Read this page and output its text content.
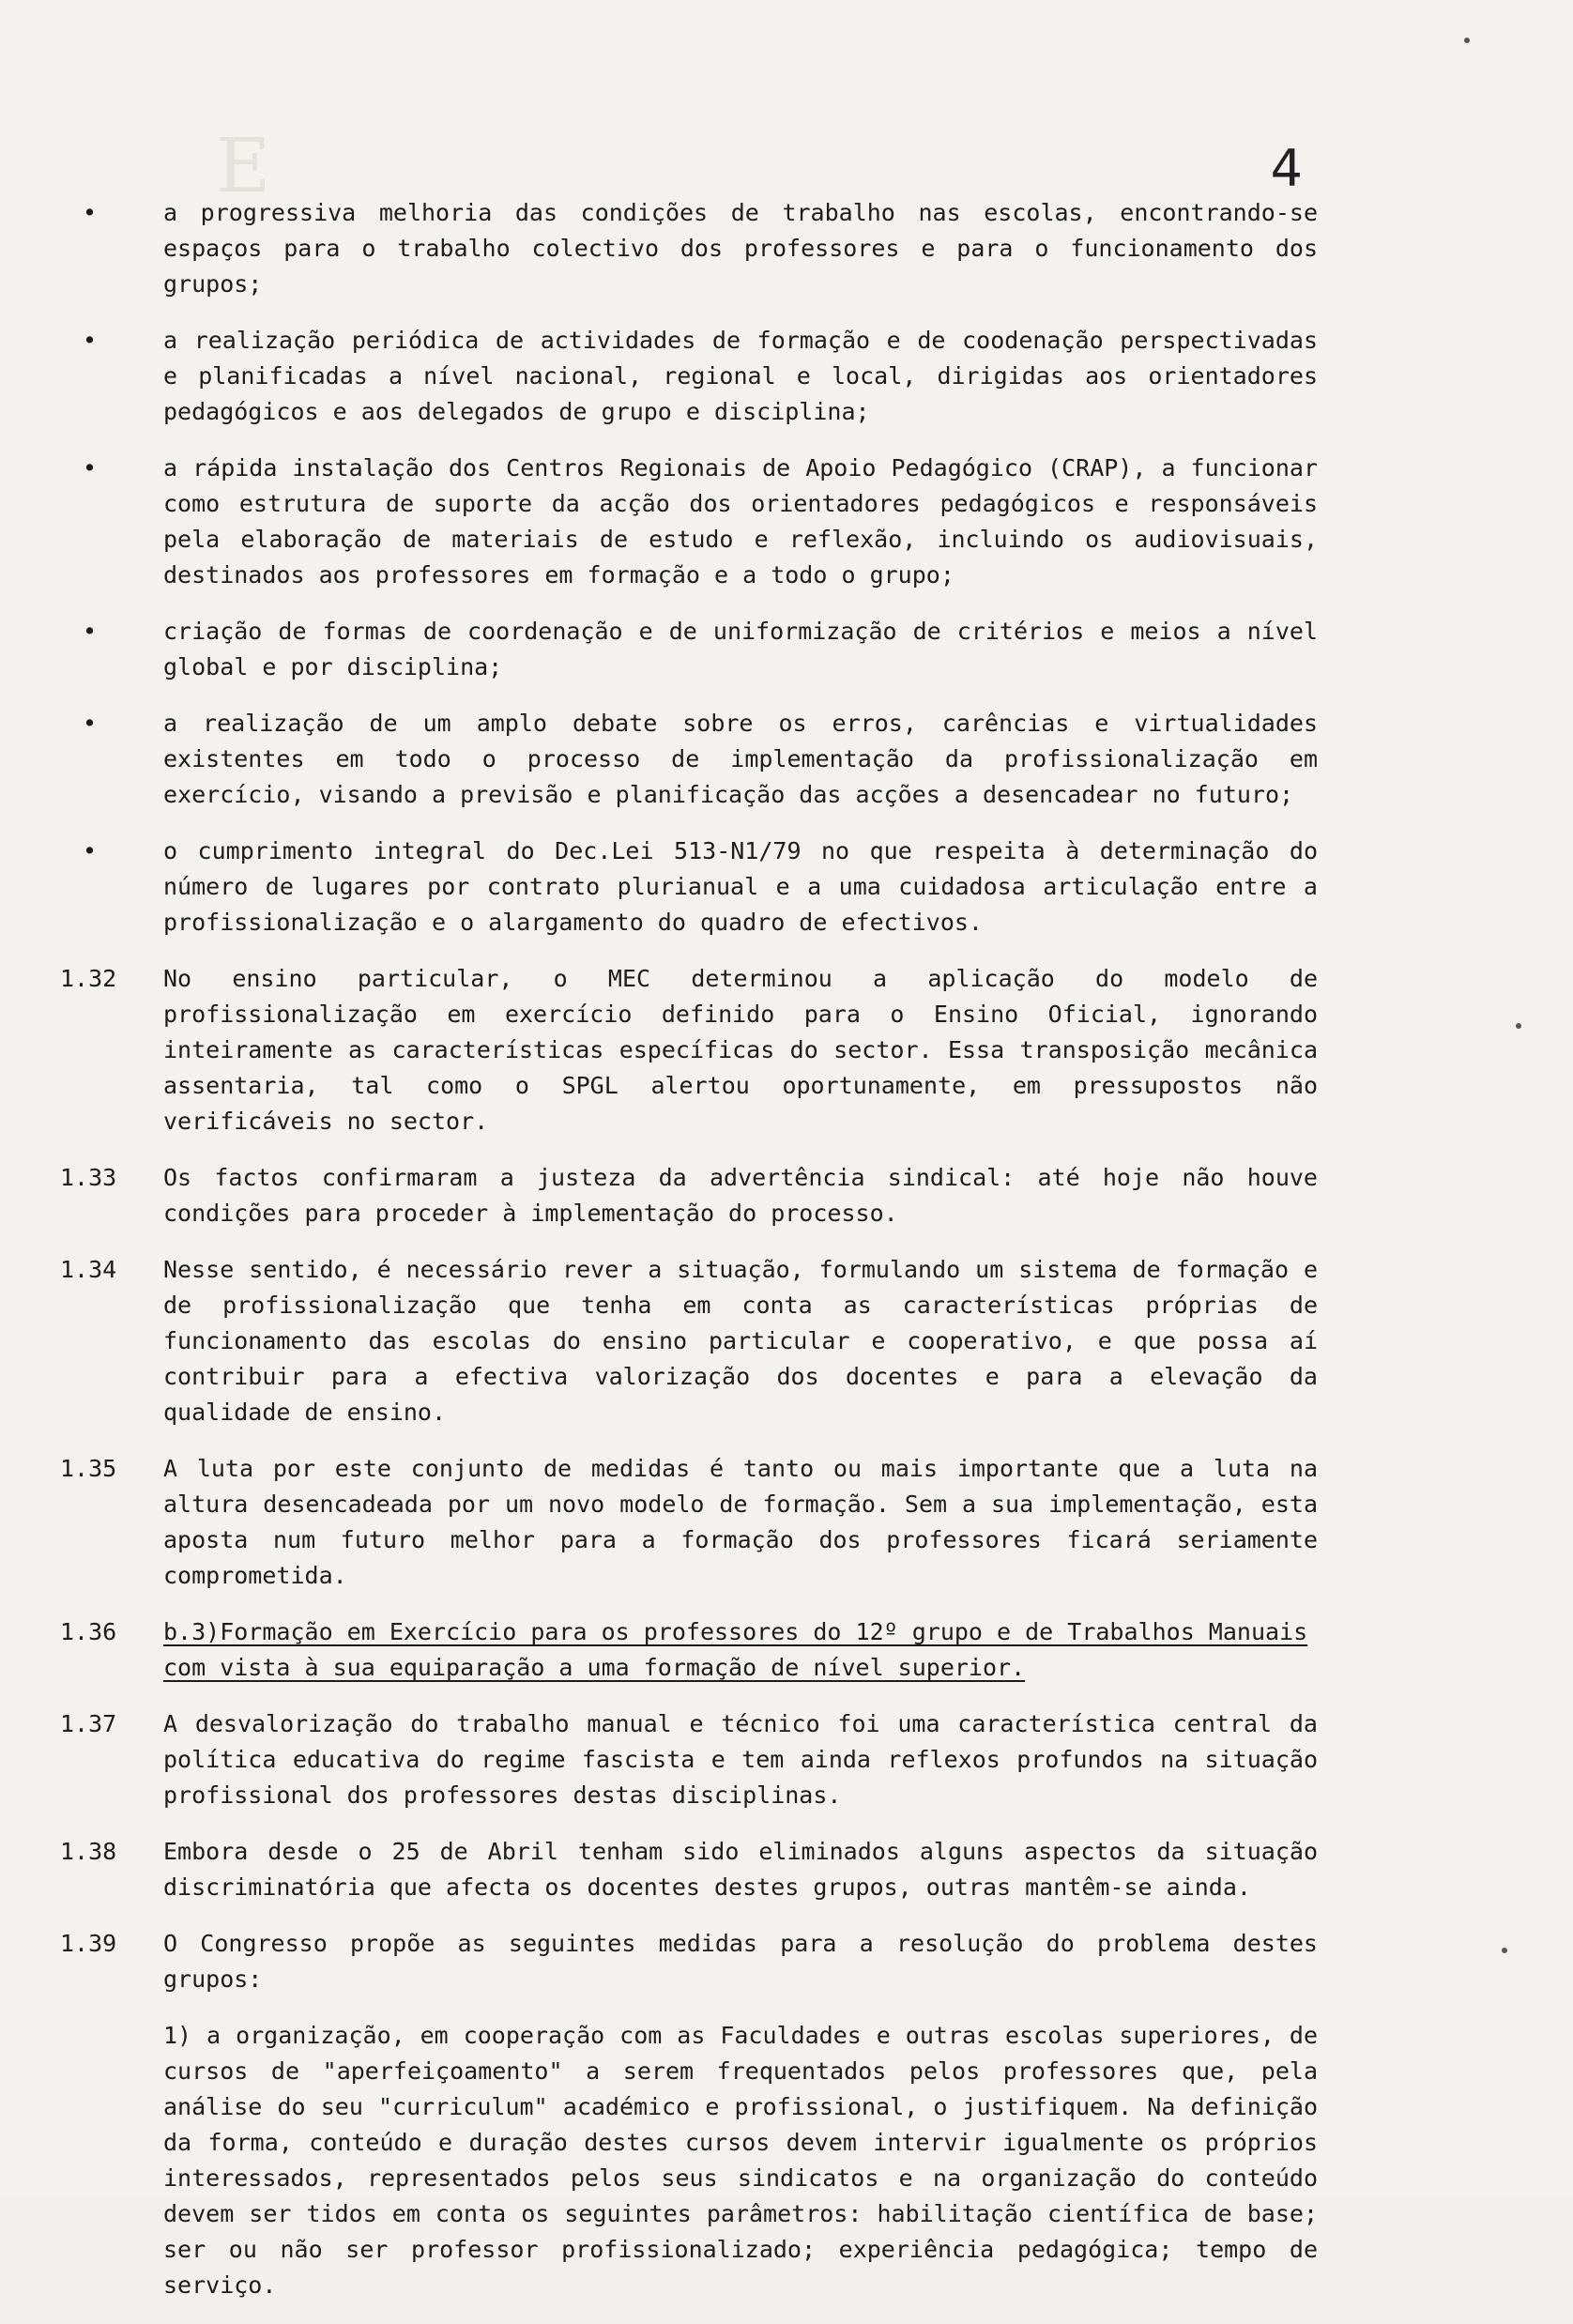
E	4
•	a progressiva melhoria das condições de trabalho nas escolas, encontrando-se espaços para o trabalho colectivo dos professores e para o funcionamento dos grupos;
•	a realização periódica de actividades de formação e de coodenação perspectivadas e planificadas a nível nacional, regional e local, dirigidas aos orientadores pedagógicos e aos delegados de grupo e disciplina;
•	a rápida instalação dos Centros Regionais de Apoio Pedagógico (CRAP), a funcionar como estrutura de suporte da acção dos orientadores pedagógicos e responsáveis pela elaboração de materiais de estudo e reflexão, incluindo os audiovisuais, destinados aos professores em formação e a todo o grupo;
•	criação de formas de coordenação e de uniformização de critérios e meios a nível global e por disciplina;
•	a realização de um amplo debate sobre os erros, carências e virtualidades existentes em todo o processo de implementação da profissionalização em exercício, visando a previsão e planificação das acções a desencadear no futuro;
•	o cumprimento integral do Dec.Lei 513-N1/79 no que respeita à determinação do número de lugares por contrato plurianual e a uma cuidadosa articulação entre a profissionalização e o alargamento do quadro de efectivos.
1.32	No ensino particular, o MEC determinou a aplicação do modelo de profissionalização em exercício definido para o Ensino Oficial, ignorando inteiramente as características específicas do sector. Essa transposição mecânica assentaria, tal como o SPGL alertou oportunamente, em pressupostos não verificáveis no sector.
1.33	Os factos confirmaram a justeza da advertência sindical: até hoje não houve condições para proceder à implementação do processo.
1.34	Nesse sentido, é necessário rever a situação, formulando um sistema de formação e de profissionalização que tenha em conta as características próprias de funcionamento das escolas do ensino particular e cooperativo, e que possa aí contribuir para a efectiva valorização dos docentes e para a elevação da qualidade de ensino.
1.35	A luta por este conjunto de medidas é tanto ou mais importante que a luta na altura desencadeada por um novo modelo de formação. Sem a sua implementação, esta aposta num futuro melhor para a formação dos professores ficará seriamente comprometida.
1.36	b.3)Formação em Exercício para os professores do 12º grupo e de Trabalhos Manuais com vista à sua equiparação a uma formação de nível superior.
1.37	A desvalorização do trabalho manual e técnico foi uma característica central da política educativa do regime fascista e tem ainda reflexos profundos na situação profissional dos professores destas disciplinas.
1.38	Embora desde o 25 de Abril tenham sido eliminados alguns aspectos da situação discriminatória que afecta os docentes destes grupos, outras mantêm-se ainda.
1.39	O Congresso propõe as seguintes medidas para a resolução do problema destes grupos:
1) a organização, em cooperação com as Faculdades e outras escolas superiores, de cursos de "aperfeiçoamento" a serem frequentados pelos professores que, pela análise do seu "curriculum" académico e profissional, o justifiquem. Na definição da forma, conteúdo e duração destes cursos devem intervir igualmente os próprios interessados, representados pelos seus sindicatos e na organização do conteúdo devem ser tidos em conta os seguintes parâmetros: habilitação científica de base; ser ou não ser professor profissionalizado; experiência pedagógica; tempo de serviço.
